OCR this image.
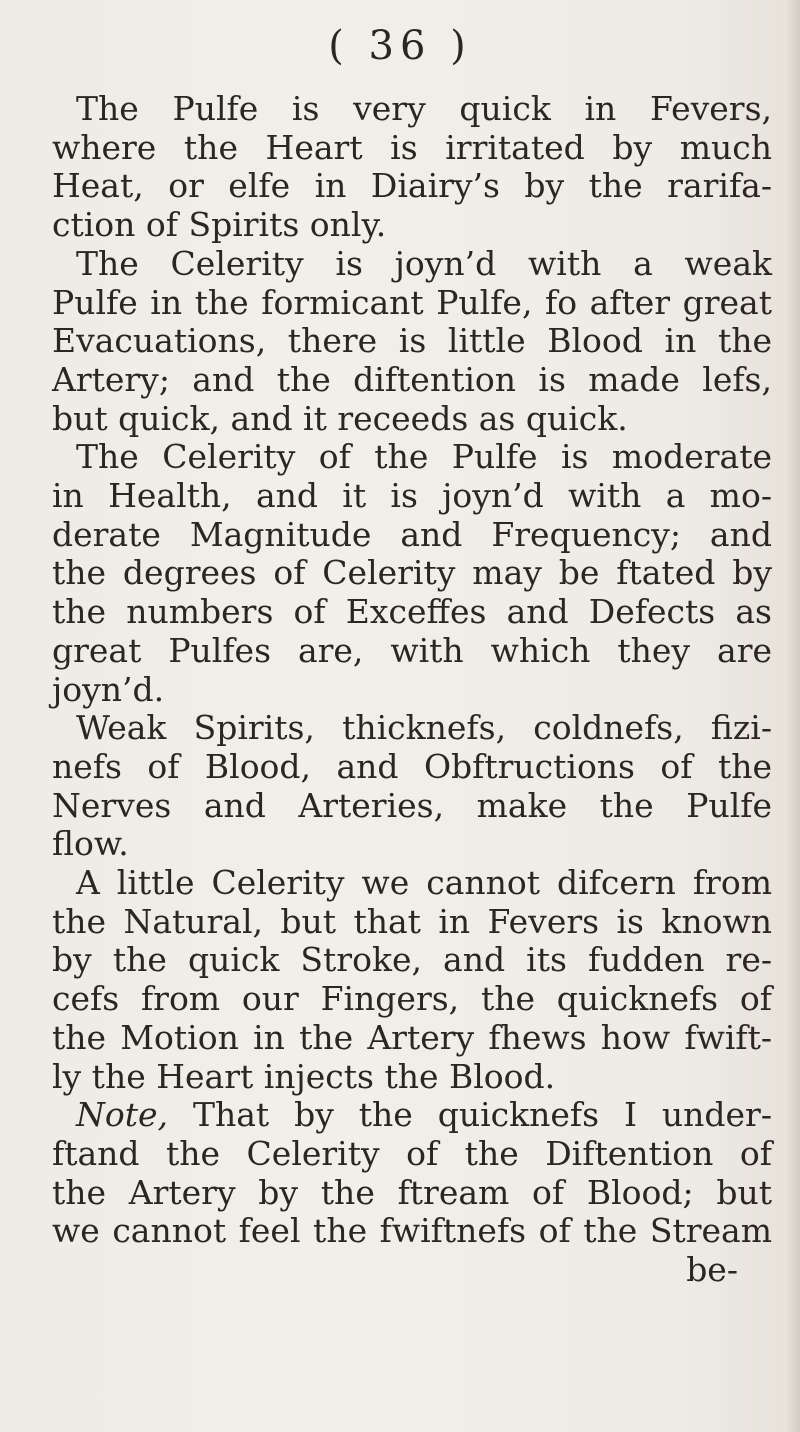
( 36 )
The Pulfe is very quick in Fevers,
where the Heart is irritated by much
Heat, or elfe in Diairy’s by the rarifa-
ction of Spirits only.
The Celerity is joyn’d with a weak
Pulfe in the formicant Pulfe, fo after great
Evacuations, there is little Blood in the
Artery; and the diftention is made lefs,
but quick, and it receeds as quick.
The Celerity of the Pulfe is moderate
in Health, and it is joyn’d with a mo-
derate Magnitude and Frequency; and
the degrees of Celerity may be ftated by
the numbers of Exceffes and Defects as
great Pulfes are, with which they are
joyn’d.
Weak Spirits, thicknefs, coldnefs, fizi-
nefs of Blood, and Obftructions of the
Nerves and Arteries, make the Pulfe
flow.
A little Celerity we cannot difcern from
the Natural, but that in Fevers is known
by the quick Stroke, and its fudden re-
cefs from our Fingers, the quicknefs of
the Motion in the Artery fhews how fwift-
ly the Heart injects the Blood.
Note, That by the quicknefs I under-
ftand the Celerity of the Diftention of
the Artery by the ftream of Blood; but
we cannot feel the fwiftnefs of the Stream
be-
